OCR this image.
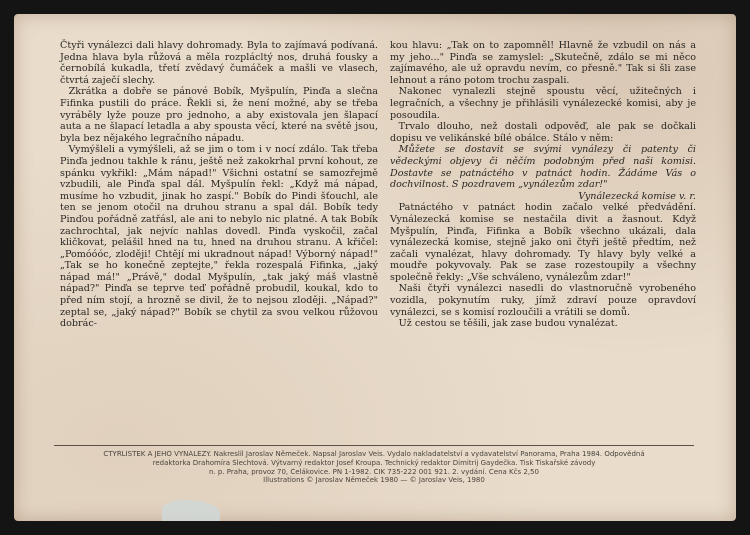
Čtyři vynálezci dali hlavy dohromady. Byla to zajímavá podívaná. Jedna hlava byla růžová a měla rozplácltý nos, druhá fousky a černobílá kukadla, třetí zvědavý čumáček a mašli ve vlasech, čtvrtá zaječí slechy.

Zkrátka a dobře se pánové Bobík, Myšpulín, Pinďa a slečna Fifinka pustili do práce. Řekli si, že není možné, aby se třeba vyráběly lyže pouze pro jednoho, a aby existovala jen šlapací auta a ne šlapací letadla a aby spousta věcí, které na světě jsou, byla bez nějakého legračního nápadu.

Vymýšleli a vymýšleli, až se jim o tom i v nocí zdálo. Tak třeba Pinďa jednou takhle k ránu, ještě než zakokrhal první kohout, ze spánku vykřikl: „Mám nápad!" Všichni ostatní se samozřejmě vzbudili, ale Pinďa spal dál. Myšpulín řekl: „Když má nápad, musíme ho vzbudit, jinak ho zaspí." Bobík do Pindi šťouchl, ale ten se jenom otočil na druhou stranu a spal dál. Bobík tedy Pinďou pořádně zatřásl, ale ani to nebylo nic platné. A tak Bobík zachrochtal, jak nejvíc nahlas dovedl. Pinďa vyskočil, začal kličkovat, pelášil hned na tu, hned na druhou stranu. A křičel: „Pomóóóc, zloději! Chtějí mi ukradnout nápad! Výborný nápad!" „Tak se ho konečně zeptejte," řekla rozespalá Fifinka, „jaký nápad má!" „Právě," dodal Myšpulín, „tak jaký máš vlastně nápad?" Pinďa se teprve teď pořádně probudil, koukal, kdo to před ním stojí, a hrozně se divil, že to nejsou zloději. „Nápad?" zeptal se, „jaký nápad?" Bobík se chytil za svou velkou růžovou dobrác-

kou hlavu: „Tak on to zapomněl! Hlavně že vzbudil on nás a my jeho..." Pinďa se zamyslel: „Skutečně, zdálo se mi něco zajímavého, ale už opravdu nevím, co přesně." Tak si šli zase lehnout a ráno potom trochu zaspali.

Nakonec vynalezli stejně spoustu věcí, užitečných i legračních, a všechny je přihlásili vynálezecké komisi, aby je posoudila.

Trvalo dlouho, než dostali odpověď, ale pak se dočkali dopisu ve velikánské bílé obálce. Stálo v něm:

Můžete se dostavit se svými vynálezy či patenty či vědeckými objevy či něčím podobným před naši komisi. Dostavte se patnáctého v patnáct hodin. Žádáme Vás o dochvilnost. S pozdravem „vynálezům zdar!"

Vynálezecká komise v. r.

Patnáctého v patnáct hodin začalo velké předvádění. Vynálezecká komise se nestačila divit a žasnout. Když Myšpulín, Pinďa, Fifinka a Bobík všechno ukázali, dala vynálezecká komise, stejně jako oni čtyři ještě předtím, než začali vynalézat, hlavy dohromady. Ty hlavy byly velké a moudře pokyvovaly. Pak se zase rozestoupily a všechny společně řekly: „Vše schváleno, vynálezům zdar!"

Naši čtyři vynálezci nasedli do vlastnoručně vyrobeného vozidla, pokynutím ruky, jímž zdraví pouze opravdoví vynálezci, se s komisí rozloučili a vrátili se domů.

Už cestou se těšili, jak zase budou vynalézat.

ČTYŘLÍSTEK A JEHO VYNÁLEZY. Nakreslil Jaroslav Němeček. Napsal Jaroslav Veis. Vydalo nakladatelství a vydavatelství Panorama, Praha 1984. Odpovědná
redaktorka Drahomíra Šlechtová. Výtvarný redaktor Josef Kroupa. Technický redaktor Dimitrij Gaydečka. Tisk Tiskařské závody
n. p. Praha, provoz 70, Čelákovice. PN 1-1982. ČIK 735-222 001 921. 2. vydání. Cena Kčs 2,50
Illustrations © Jaroslav Němeček 1980 — © Jaroslav Veis, 1980
